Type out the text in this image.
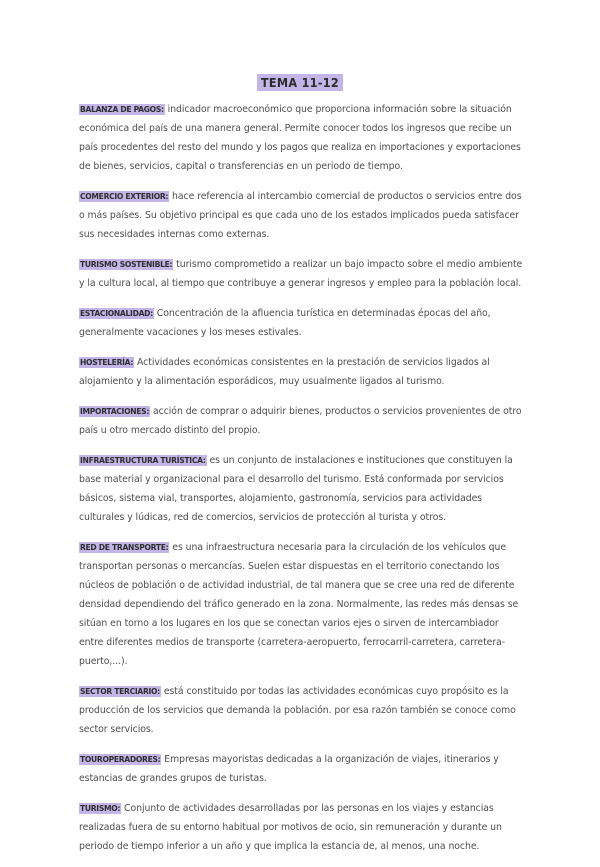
TEMA 11-12

BALANZA DE PAGOS: indicador macroeconómico que proporciona información sobre la situación económica del país de una manera general. Permite conocer todos los ingresos que recibe un país procedentes del resto del mundo y los pagos que realiza en importaciones y exportaciones de bienes, servicios, capital o transferencias en un periodo de tiempo.

COMERCIO EXTERIOR: hace referencia al intercambio comercial de productos o servicios entre dos o más países. Su objetivo principal es que cada uno de los estados implicados pueda satisfacer sus necesidades internas como externas.

TURISMO SOSTENIBLE: turismo comprometido a realizar un bajo impacto sobre el medio ambiente y la cultura local, al tiempo que contribuye a generar ingresos y empleo para la población local.

ESTACIONALIDAD: Concentración de la afluencia turística en determinadas épocas del año, generalmente vacaciones y los meses estivales.

HOSTELERÍA: Actividades económicas consistentes en la prestación de servicios ligados al alojamiento y la alimentación esporádicos, muy usualmente ligados al turismo.

IMPORTACIONES: acción de comprar o adquirir bienes, productos o servicios provenientes de otro país u otro mercado distinto del propio.

INFRAESTRUCTURA TURÍSTICA: es un conjunto de instalaciones e instituciones que constituyen la base material y organizacional para el desarrollo del turismo. Está conformada por servicios básicos, sistema vial, transportes, alojamiento, gastronomía, servicios para actividades culturales y lúdicas, red de comercios, servicios de protección al turista y otros.

RED DE TRANSPORTE: es una infraestructura necesaria para la circulación de los vehículos que transportan personas o mercancías. Suelen estar dispuestas en el territorio conectando los núcleos de población o de actividad industrial, de tal manera que se cree una red de diferente densidad dependiendo del tráfico generado en la zona. Normalmente, las redes más densas se sitúan en torno a los lugares en los que se conectan varios ejes o sirven de intercambiador entre diferentes medios de transporte (carretera-aeropuerto, ferrocarril-carretera, carretera-puerto,...).

SECTOR TERCIARIO: está constituido por todas las actividades económicas cuyo propósito es la producción de los servicios que demanda la población. por esa razón también se conoce como sector servicios.

TOUROPERADORES: Empresas mayoristas dedicadas a la organización de viajes, itinerarios y estancias de grandes grupos de turistas.

TURISMO: Conjunto de actividades desarrolladas por las personas en los viajes y estancias realizadas fuera de su entorno habitual por motivos de ocio, sin remuneración y durante un periodo de tiempo inferior a un año y que implica la estancia de, al menos, una noche.
